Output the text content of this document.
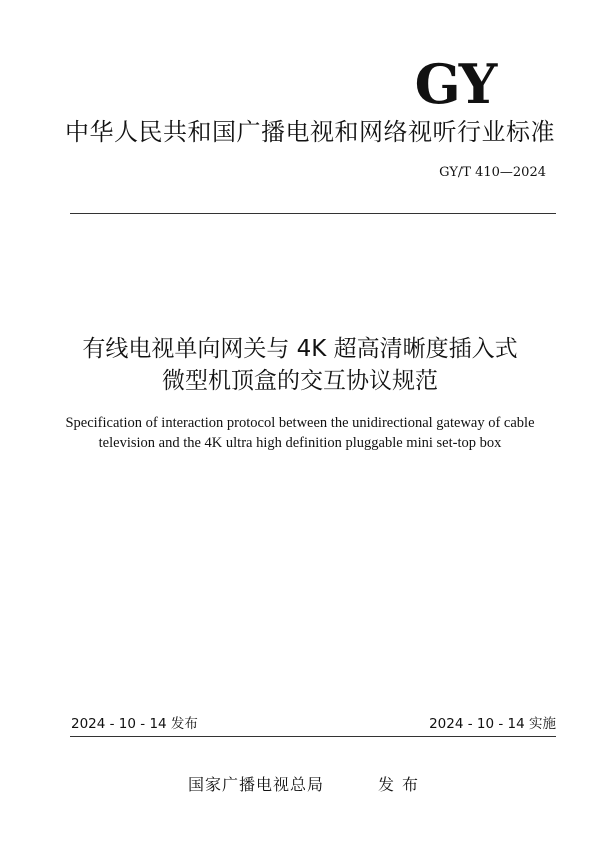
GY
中华人民共和国广播电视和网络视听行业标准
GY/T 410—2024
有线电视单向网关与 4K 超高清晰度插入式
微型机顶盒的交互协议规范
Specification of interaction protocol between the unidirectional gateway of cable
television and the 4K ultra high definition pluggable mini set-top box
2024 - 10 - 14 发布	2024 - 10 - 14 实施
国家广播电视总局	发布
